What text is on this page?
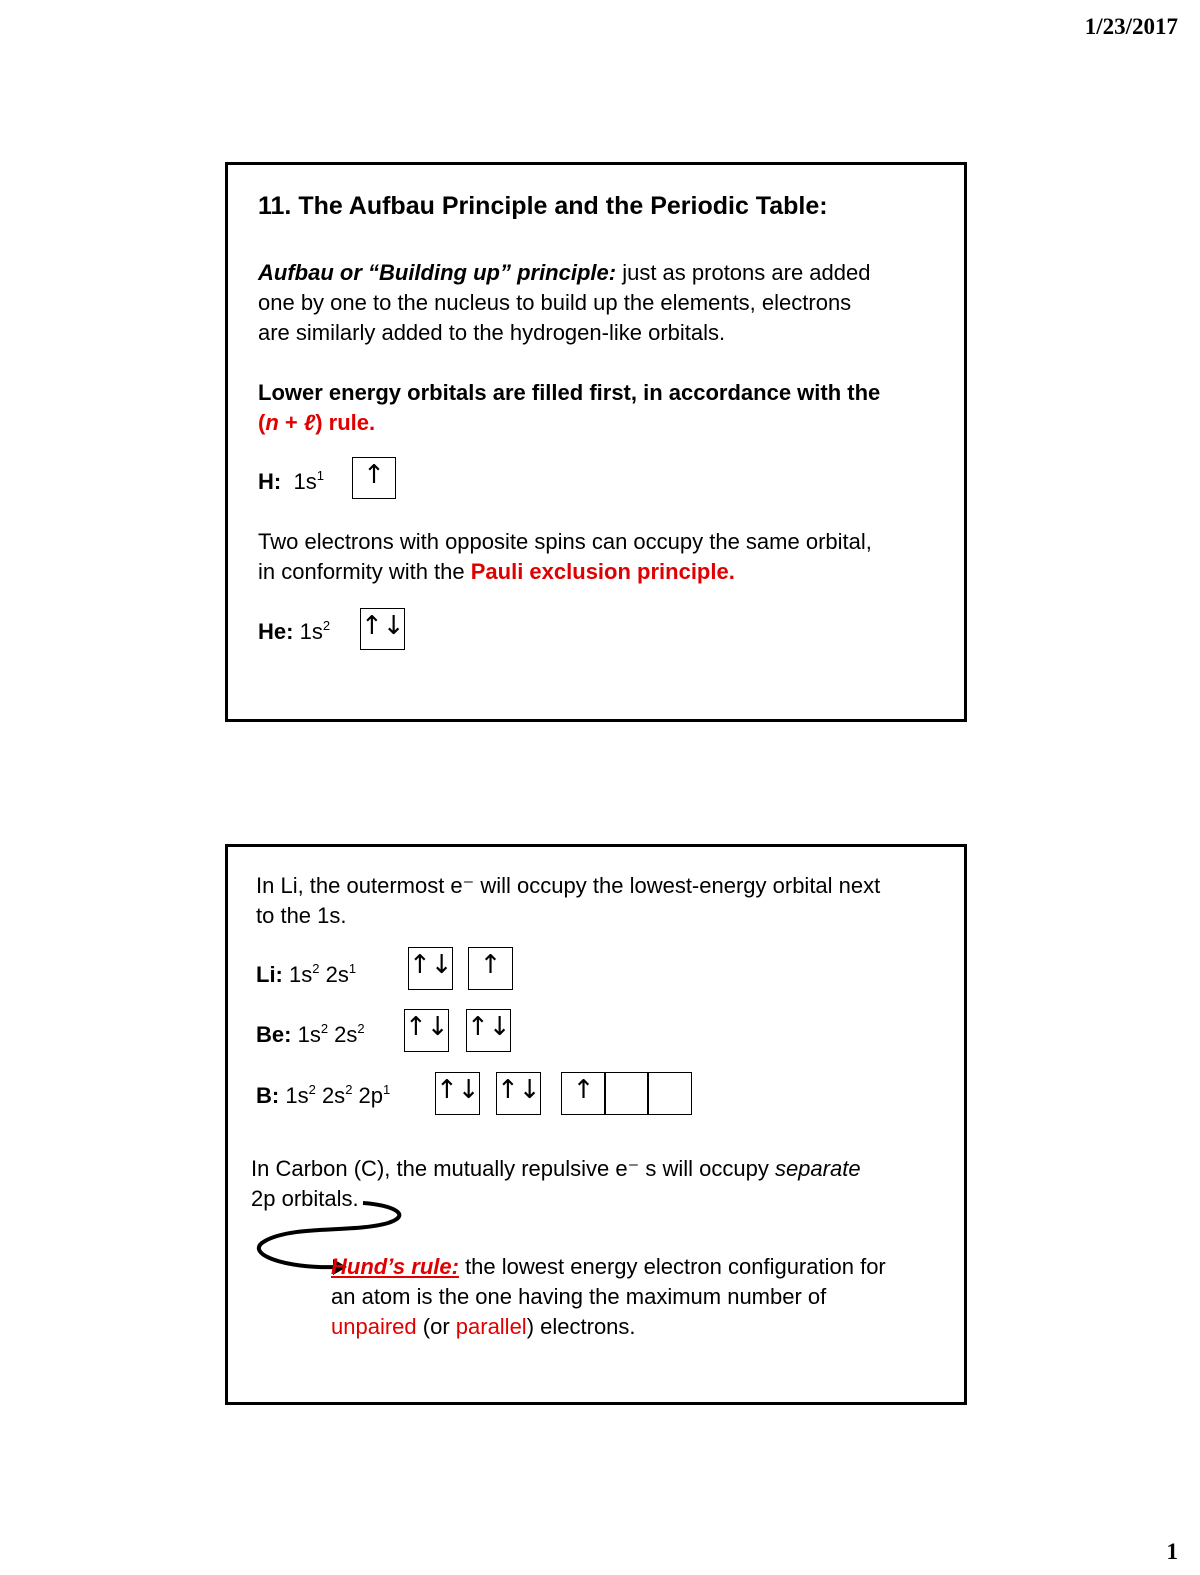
1/23/2017
11. The Aufbau Principle and the Periodic Table:
Aufbau or “Building up” principle: just as protons are added
one by one to the nucleus to build up the elements, electrons
are similarly added to the hydrogen-like orbitals.
Lower energy orbitals are filled first, in accordance with the
(n + ℓ) rule.
H: $1s^1$	↑
Two electrons with opposite spins can occupy the same orbital,
in conformity with the Pauli exclusion principle.
He: $1s^2$ ↑↓
In Li, the outermost e⁻ will occupy the lowest-energy orbital next
to the 1s.
Li: $1s^2$ $2s^1$ ↑↓	↑
Be: $1s^2$ $2s^2$ ↑↓ ↑↓
B: $1s^2$ $2s^2$ $2p^1$ ↑↓ ↑↓	↑
In Carbon (C), the mutually repulsive e⁻ s will occupy separate
2p orbitals.
Hund’s rule: the lowest energy electron configuration for
an atom is the one having the maximum number of
unpaired (or parallel) electrons.
1
